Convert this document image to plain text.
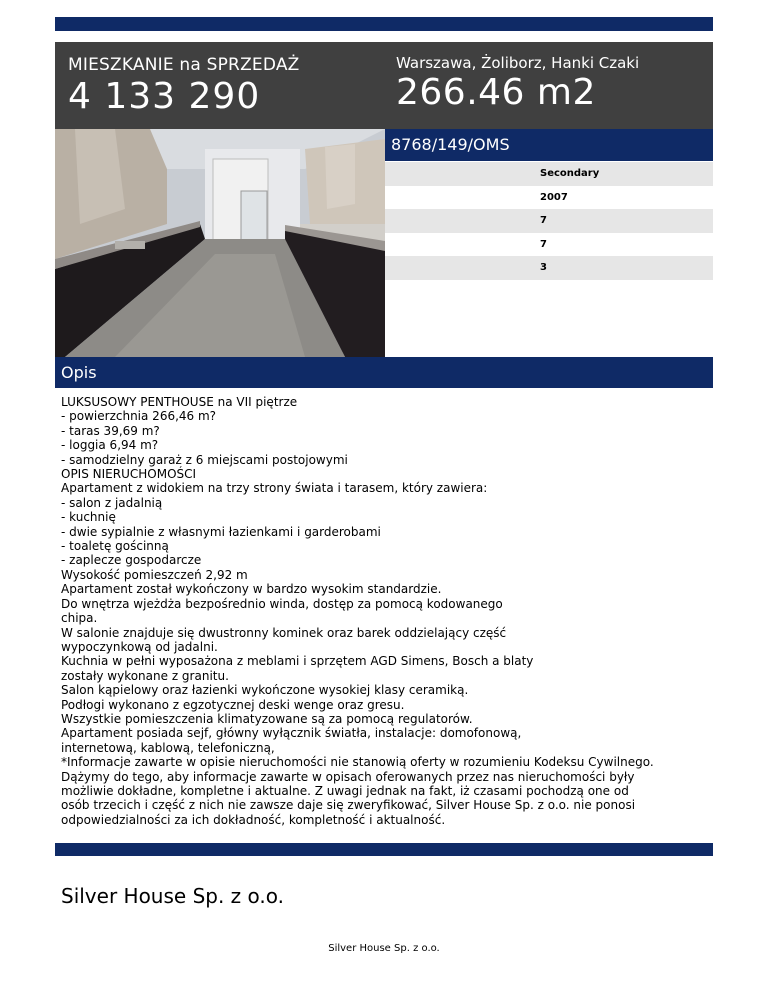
MIESZKANIE na SPRZEDAŻ
4 133 290
Warszawa, Żoliborz, Hanki Czaki
266.46 m2
8768/149/OMS
Secondary
2007
7
7
3
Opis
LUKSUSOWY PENTHOUSE na VII piętrze
- powierzchnia 266,46 m?
- taras 39,69 m?
- loggia 6,94 m?
- samodzielny garaż z 6 miejscami postojowymi
OPIS NIERUCHOMOŚCI
Apartament z widokiem na trzy strony świata i tarasem, który zawiera:
- salon z jadalnią
- kuchnię
- dwie sypialnie z własnymi łazienkami i garderobami
- toaletę gościnną
- zaplecze gospodarcze
Wysokość pomieszczeń 2,92 m
Apartament został wykończony w bardzo wysokim standardzie.
Do wnętrza wjeżdża bezpośrednio winda, dostęp za pomocą kodowanego
chipa.
W salonie znajduje się dwustronny kominek oraz barek oddzielający część
wypoczynkową od jadalni.
Kuchnia w pełni wyposażona z meblami i sprzętem AGD Simens, Bosch a blaty
zostały wykonane z granitu.
Salon kąpielowy oraz łazienki wykończone wysokiej klasy ceramiką.
Podłogi wykonano z egzotycznej deski wenge oraz gresu.
Wszystkie pomieszczenia klimatyzowane są za pomocą regulatorów.
Apartament posiada sejf, główny wyłącznik światła, instalacje: domofonową,
internetową, kablową, telefoniczną,
*Informacje zawarte w opisie nieruchomości nie stanowią oferty w rozumieniu Kodeksu Cywilnego.
Dążymy do tego, aby informacje zawarte w opisach oferowanych przez nas nieruchomości były
możliwie dokładne, kompletne i aktualne. Z uwagi jednak na fakt, iż czasami pochodzą one od
osób trzecich i część z nich nie zawsze daje się zweryfikować, Silver House Sp. z o.o. nie ponosi
odpowiedzialności za ich dokładność, kompletność i aktualność.
Silver House Sp. z o.o.
Silver House Sp. z o.o.
